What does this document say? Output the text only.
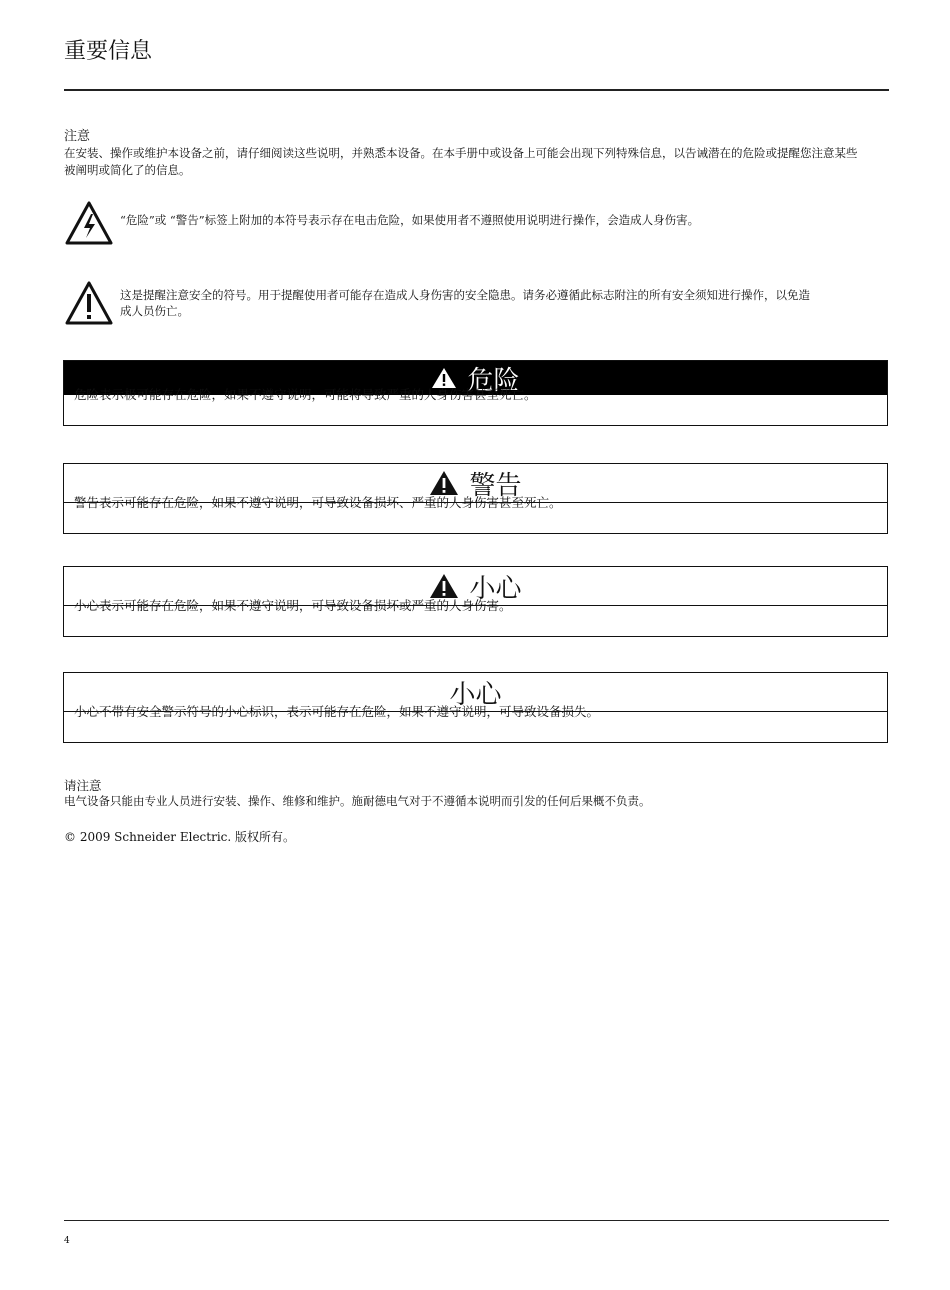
重要信息
注意
在安装、操作或维护本设备之前，请仔细阅读这些说明，并熟悉本设备。在本手册中或设备上可能会出现下列特殊信息，以告诫潜在的危险或提醒您注意某些被阐明或简化了的信息。
“危险”或 “警告”标签上附加的本符号表示存在电击危险，如果使用者不遵照使用说明进行操作，会造成人身伤害。
这是提醒注意安全的符号。用于提醒使用者可能存在造成人身伤害的安全隐患。请务必遵循此标志附注的所有安全须知进行操作，以免造成人员伤亡。
危险
危险表示极可能存在危险，如果不遵守说明，可能将导致严重的人身伤害甚至死亡。
警告
警告表示可能存在危险，如果不遵守说明，可导致设备损坏、严重的人身伤害甚至死亡。
小心
小心表示可能存在危险，如果不遵守说明，可导致设备损坏或严重的人身伤害。
小心
小心不带有安全警示符号的小心标识，表示可能存在危险，如果不遵守说明，可导致设备损失。
请注意
电气设备只能由专业人员进行安装、操作、维修和维护。施耐德电气对于不遵循本说明而引发的任何后果概不负责。
© 2009 Schneider Electric. 版权所有。
4
